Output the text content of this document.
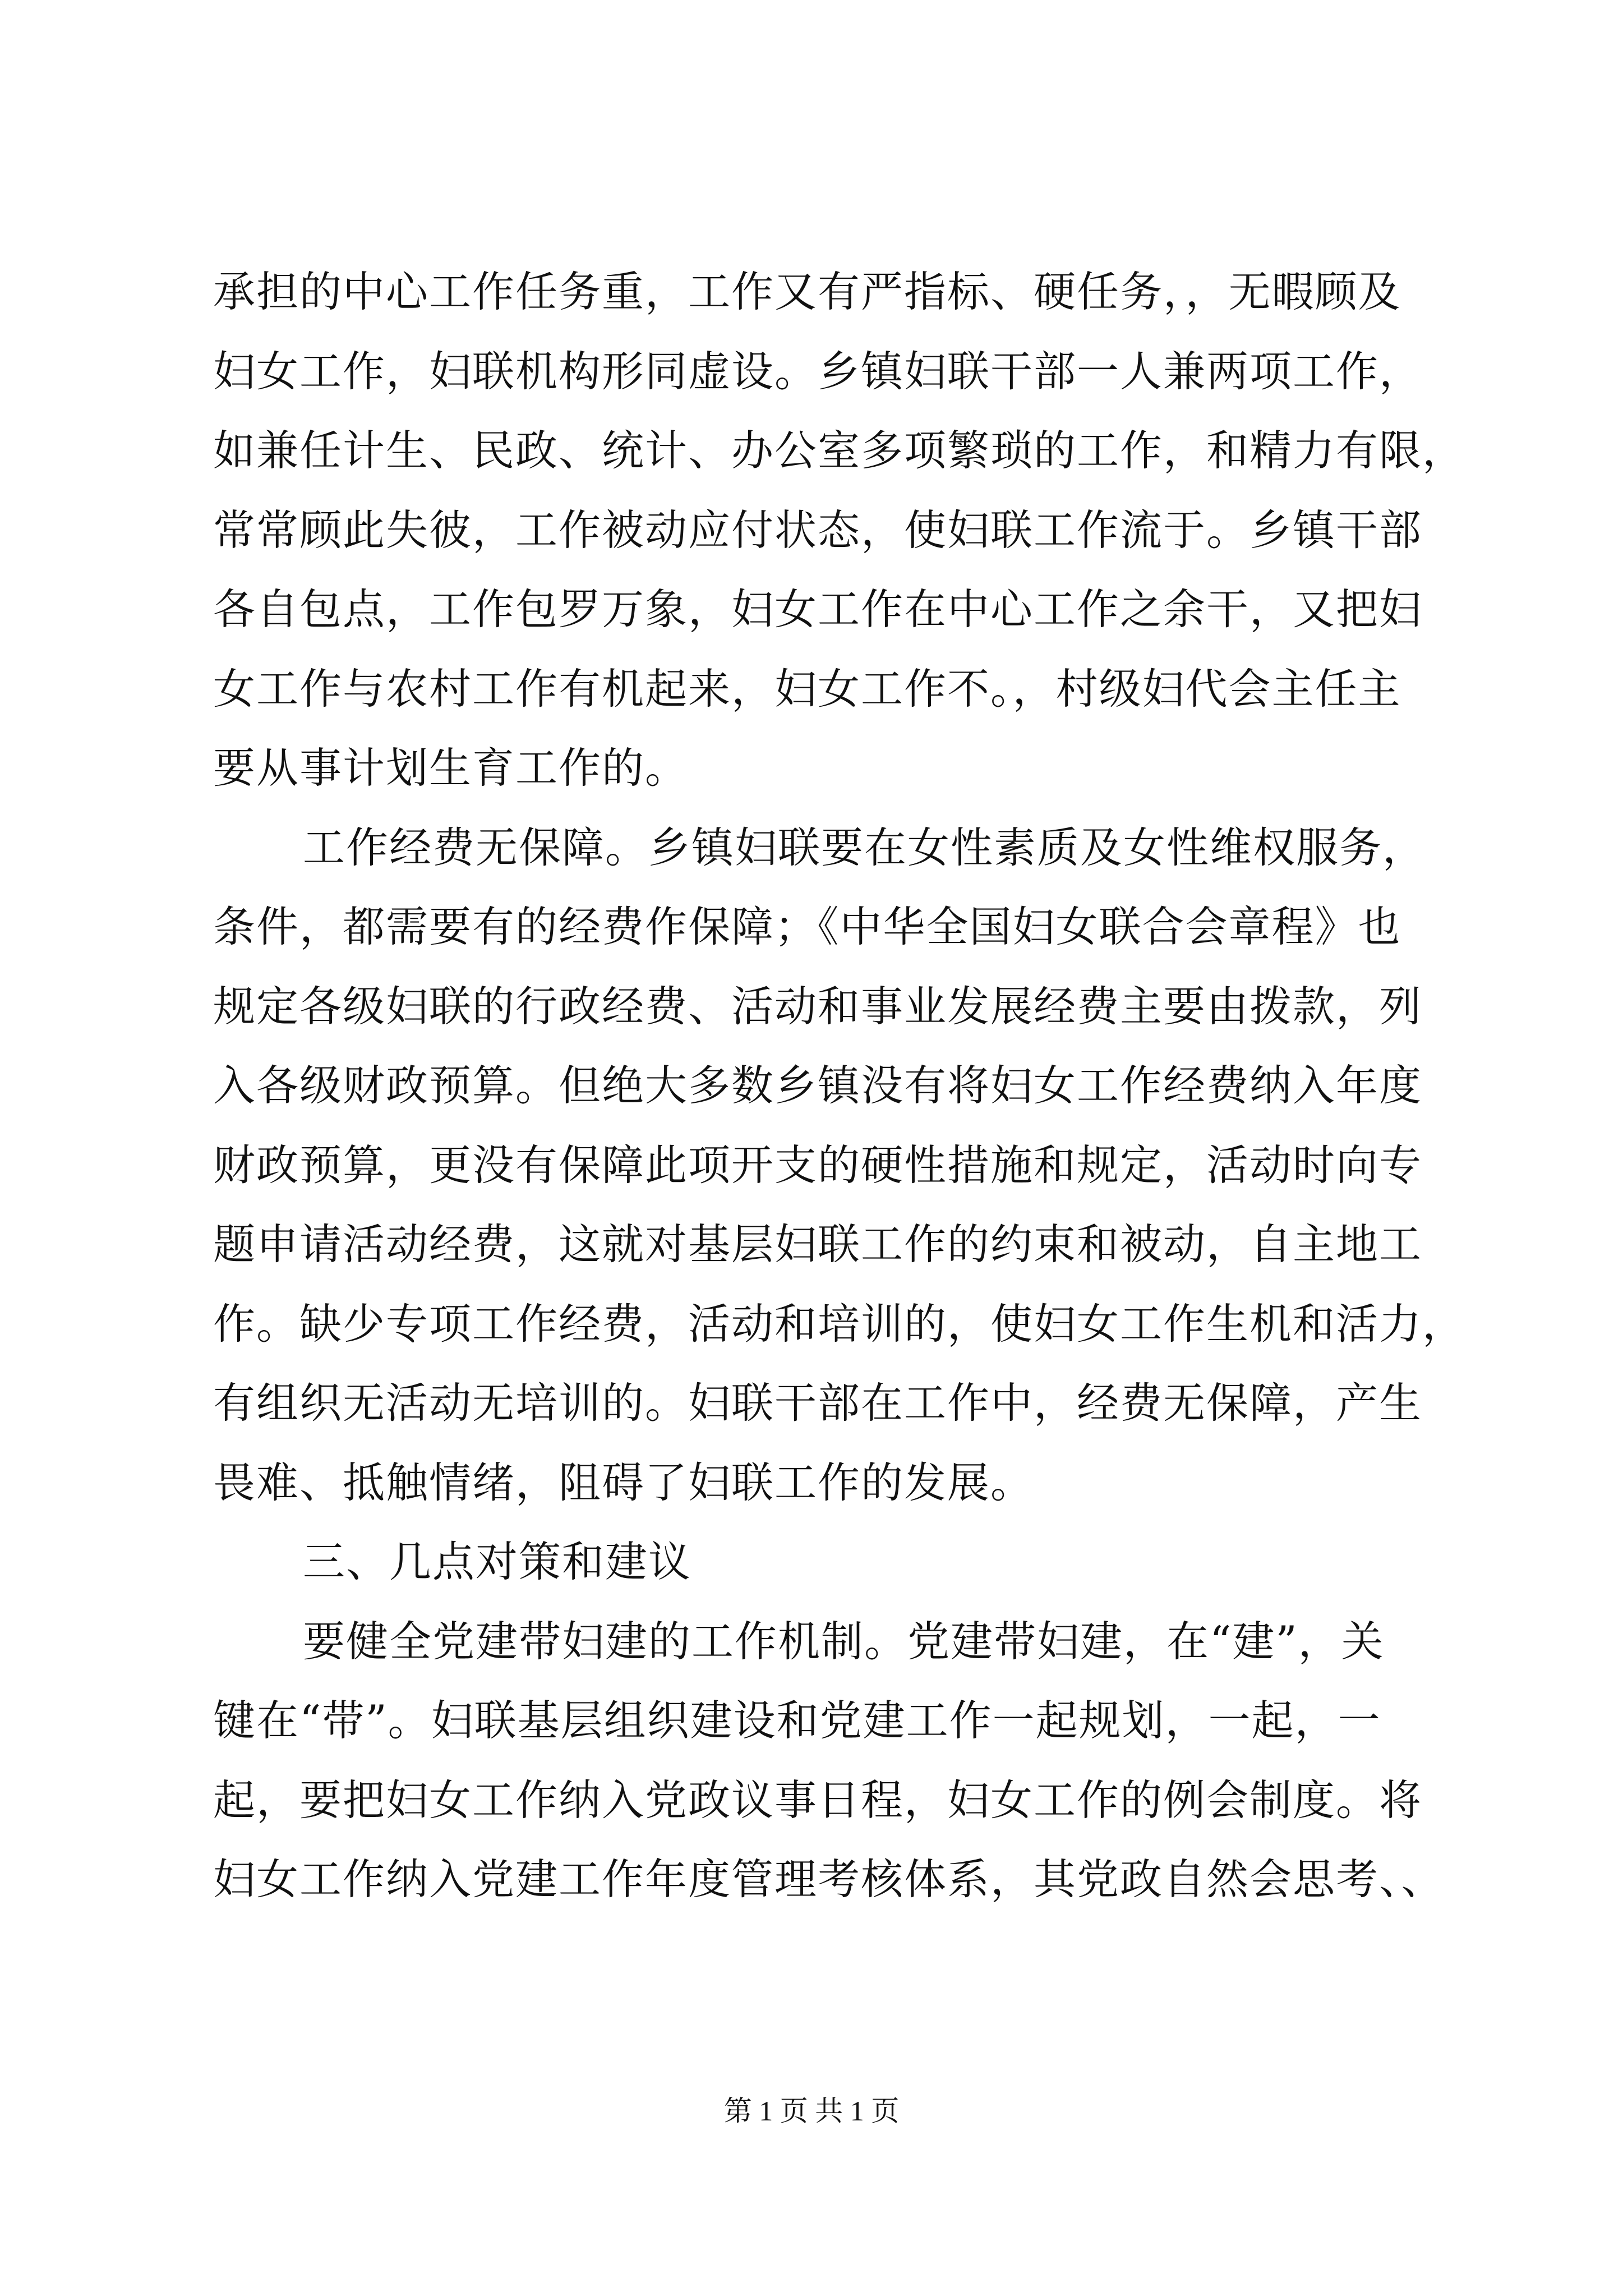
承担的中心工作任务重，工作又有严指标、硬任务，，无暇顾及
妇女工作，妇联机构形同虚设。乡镇妇联干部一人兼两项工作，
如兼任计生、民政、统计、办公室多项繁琐的工作，和精力有限，
常常顾此失彼，工作被动应付状态，使妇联工作流于。乡镇干部
各自包点，工作包罗万象，妇女工作在中心工作之余干，又把妇
女工作与农村工作有机起来，妇女工作不。，村级妇代会主任主
要从事计划生育工作的。
工作经费无保障。乡镇妇联要在女性素质及女性维权服务，
条件，都需要有的经费作保障；《中华全国妇女联合会章程》也
规定各级妇联的行政经费、活动和事业发展经费主要由拨款，列
入各级财政预算。但绝大多数乡镇没有将妇女工作经费纳入年度
财政预算，更没有保障此项开支的硬性措施和规定，活动时向专
题申请活动经费，这就对基层妇联工作的约束和被动，自主地工
作。缺少专项工作经费，活动和培训的，使妇女工作生机和活力，
有组织无活动无培训的。妇联干部在工作中，经费无保障，产生
畏难、抵触情绪，阻碍了妇联工作的发展。
三、几点对策和建议
要健全党建带妇建的工作机制。党建带妇建，在“建”，关
键在“带”。妇联基层组织建设和党建工作一起规划，一起，一
起，要把妇女工作纳入党政议事日程，妇女工作的例会制度。将
妇女工作纳入党建工作年度管理考核体系，其党政自然会思考、、
第 1 页 共 1 页
